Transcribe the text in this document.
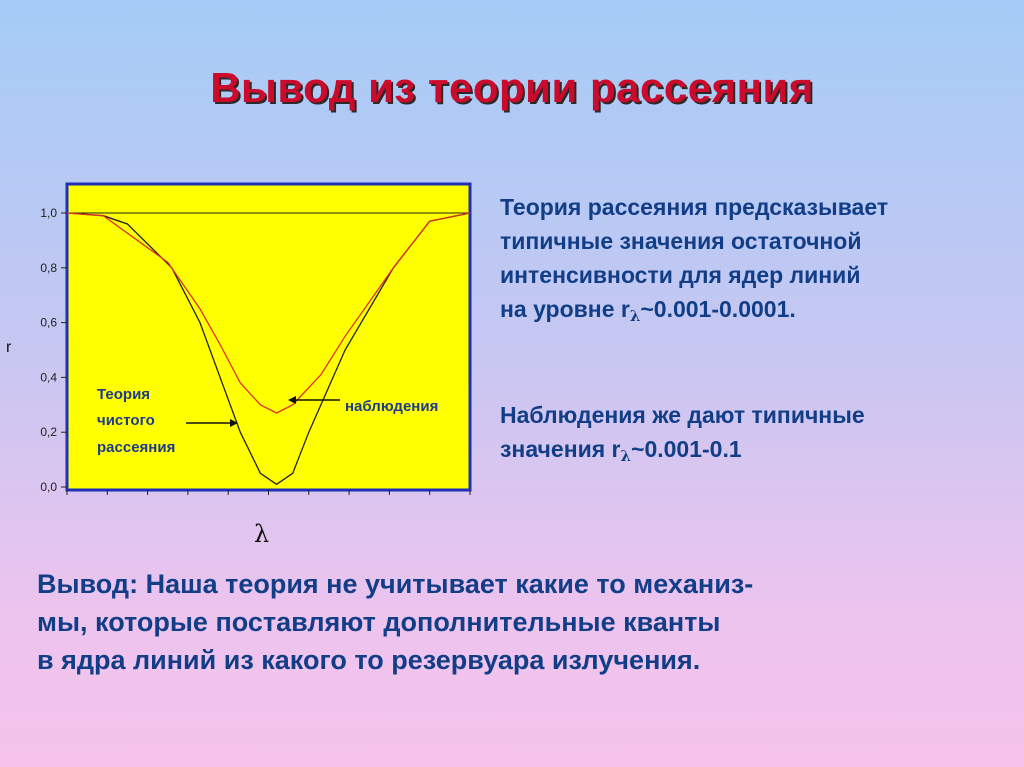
Вывод из теории рассеяния
0,0
0,2
0,4
0,6
0,8
1,0
r
λ
Теория чистого рассеяния
наблюдения
Теория рассеяния предсказывает
типичные значения остаточной
интенсивности для ядер линий
на уровне $r_\lambda\sim 0.001-0.0001$.
Наблюдения же дают типичные
значения $r_\lambda\sim 0.001-0.1$
Вывод: Наша теория не учитывает какие то механиз-
мы, которые поставляют дополнительные кванты
в ядра линий из какого то резервуара излучения.
